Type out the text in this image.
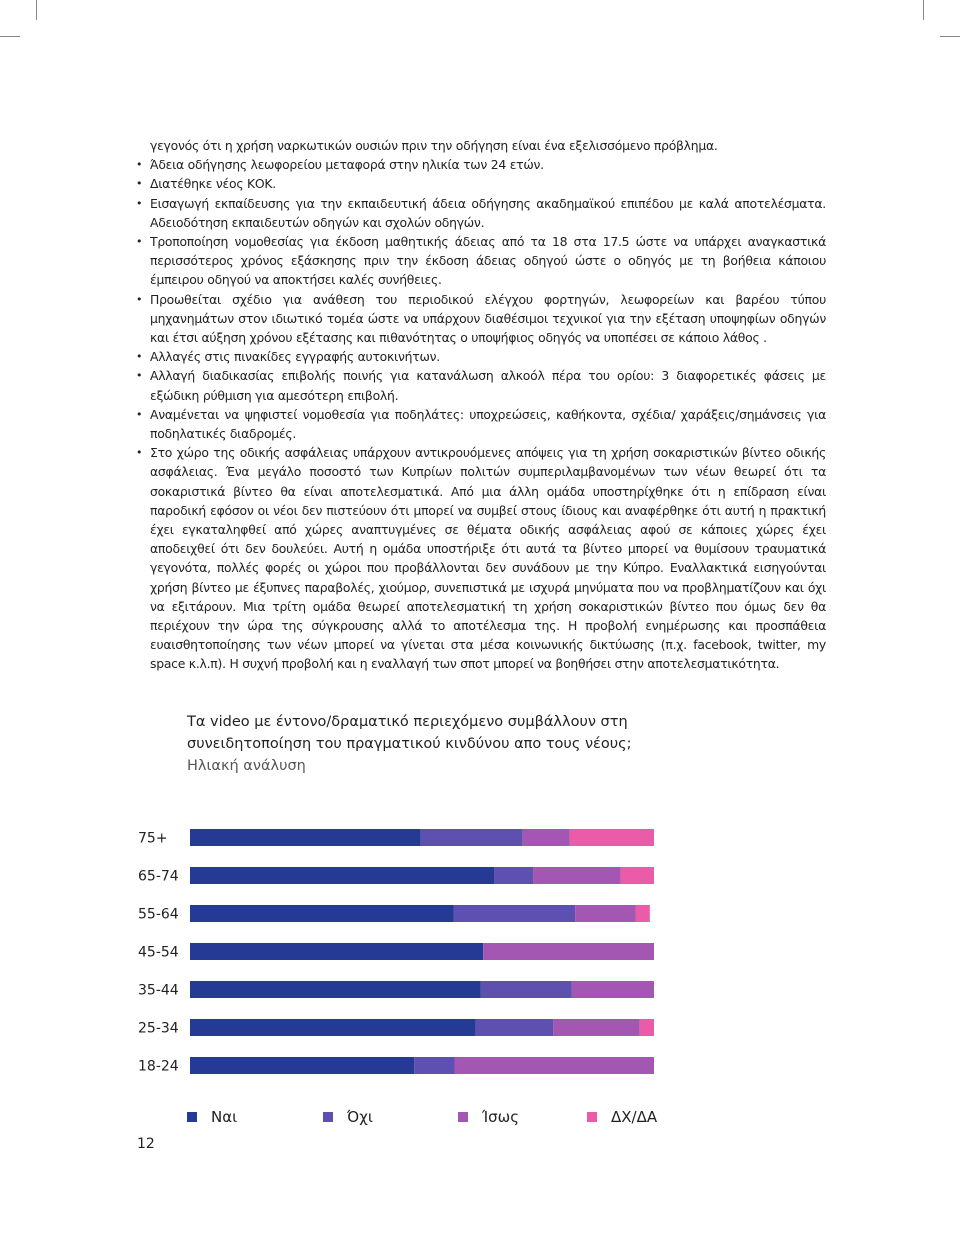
γεγονός ότι η χρήση ναρκωτικών ουσιών πριν την οδήγηση είναι ένα εξελισσόμενο πρόβλημα.

• Άδεια οδήγησης λεωφορείου μεταφορά στην ηλικία των 24 ετών.
• Διατέθηκε νέος ΚΟΚ.
• Εισαγωγή εκπαίδευσης για την εκπαιδευτική άδεια οδήγησης ακαδημαϊκού επιπέδου με καλά αποτελέσματα. Αδειοδότηση εκπαιδευτών οδηγών και σχολών οδηγών.
• Τροποποίηση νομοθεσίας για έκδοση μαθητικής άδειας από τα 18 στα 17.5 ώστε να υπάρχει αναγκαστικά περισσότερος χρόνος εξάσκησης πριν την έκδοση άδειας οδηγού ώστε ο οδηγός με τη βοήθεια κάποιου έμπειρου οδηγού να αποκτήσει καλές συνήθειες.
• Προωθείται σχέδιο για ανάθεση του περιοδικού ελέγχου φορτηγών, λεωφορείων και βαρέου τύπου μηχανημάτων στον ιδιωτικό τομέα ώστε να υπάρχουν διαθέσιμοι τεχνικοί για την εξέταση υποψηφίων οδηγών και έτσι αύξηση χρόνου εξέτασης και πιθανότητας ο υποψήφιος οδηγός να υποπέσει σε κάποιο λάθος .
• Αλλαγές στις πινακίδες εγγραφής αυτοκινήτων.
• Αλλαγή διαδικασίας επιβολής ποινής για κατανάλωση αλκοόλ πέρα του ορίου: 3 διαφορετικές φάσεις με εξώδικη ρύθμιση για αμεσότερη επιβολή.
• Αναμένεται να ψηφιστεί νομοθεσία για ποδηλάτες: υποχρεώσεις, καθήκοντα, σχέδια/ χαράξεις/σημάνσεις για ποδηλατικές διαδρομές.
• Στο χώρο της οδικής ασφάλειας υπάρχουν αντικρουόμενες απόψεις για τη χρήση σοκαριστικών βίντεο οδικής ασφάλειας. Ένα μεγάλο ποσοστό των Κυπρίων πολιτών συμπεριλαμβανομένων των νέων θεωρεί ότι τα σοκαριστικά βίντεο θα είναι αποτελεσματικά. Από μια άλλη ομάδα υποστηρίχθηκε ότι η επίδραση είναι παροδική εφόσον οι νέοι δεν πιστεύουν ότι μπορεί να συμβεί στους ίδιους και αναφέρθηκε ότι αυτή η πρακτική έχει εγκαταληφθεί από χώρες αναπτυγμένες σε θέματα οδικής ασφάλειας αφού σε κάποιες χώρες έχει αποδειχθεί ότι δεν δουλεύει. Αυτή η ομάδα υποστήριξε ότι αυτά τα βίντεο μπορεί να θυμίσουν τραυματικά γεγονότα, πολλές φορές οι χώροι που προβάλλονται δεν συνάδουν με την Κύπρο. Εναλλακτικά εισηγούνται χρήση βίντεο με έξυπνες παραβολές, χιούμορ, συνεπιστικά με ισχυρά μηνύματα που να προβληματίζουν και όχι να εξιτάρουν. Μια τρίτη ομάδα θεωρεί αποτελεσματική τη χρήση σοκαριστικών βίντεο που όμως δεν θα περιέχουν την ώρα της σύγκρουσης αλλά το αποτέλεσμα της. Η προβολή ενημέρωσης και προσπάθεια ευαισθητοποίησης των νέων μπορεί να γίνεται στα μέσα κοινωνικής δικτύωσης (π.χ. facebook, twitter, my space κ.λ.π). Η συχνή προβολή και η εναλλαγή των σποτ μπορεί να βοηθήσει στην αποτελεσματικότητα.
Τα video με έντονο/δραματικό περιεχόμενο συμβάλλουν στη
συνειδητοποίηση του πραγματικού κινδύνου απο τους νέους;
Ηλιακή ανάλυση
75+
65-74
55-64
45-54
35-44
25-34
18-24
Ναι	Όχι	Ίσως	ΔΧ/ΔΑ
12
